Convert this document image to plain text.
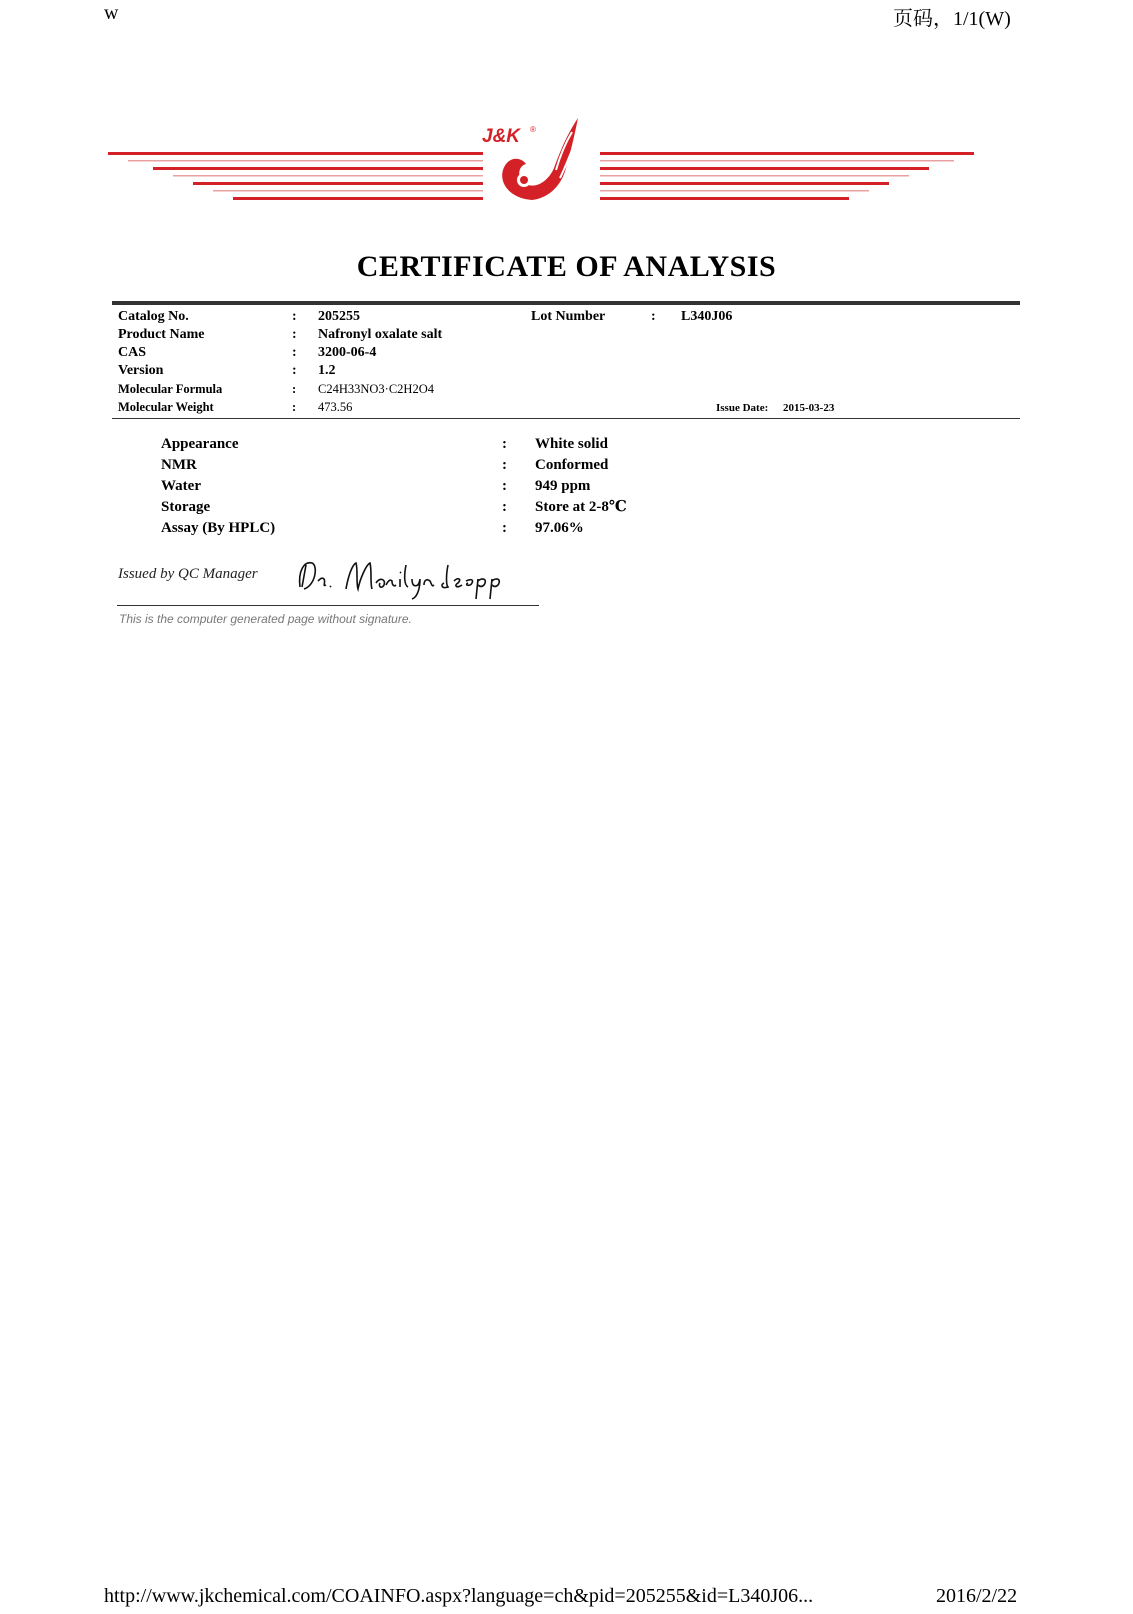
w	页码，1/1(W)
J&K ®
CERTIFICATE OF ANALYSIS
Catalog No.	: 205255	Lot Number	: L340J06
Product Name	: Nafronyl oxalate salt
CAS	: 3200-06-4
Version	: 1.2
Molecular Formula	: C24H33NO3·C2H2O4
Molecular Weight	: 473.56	Issue Date: 2015-03-23
Appearance	: White solid
NMR	: Conformed
Water	: 949 ppm
Storage	: Store at 2-8℃
Assay (By HPLC)	: 97.06%
Issued by QC Manager
This is the computer generated page without signature.
http://www.jkchemical.com/COAINFO.aspx?language=ch&pid=205255&id=L340J06...	2016/2/22
